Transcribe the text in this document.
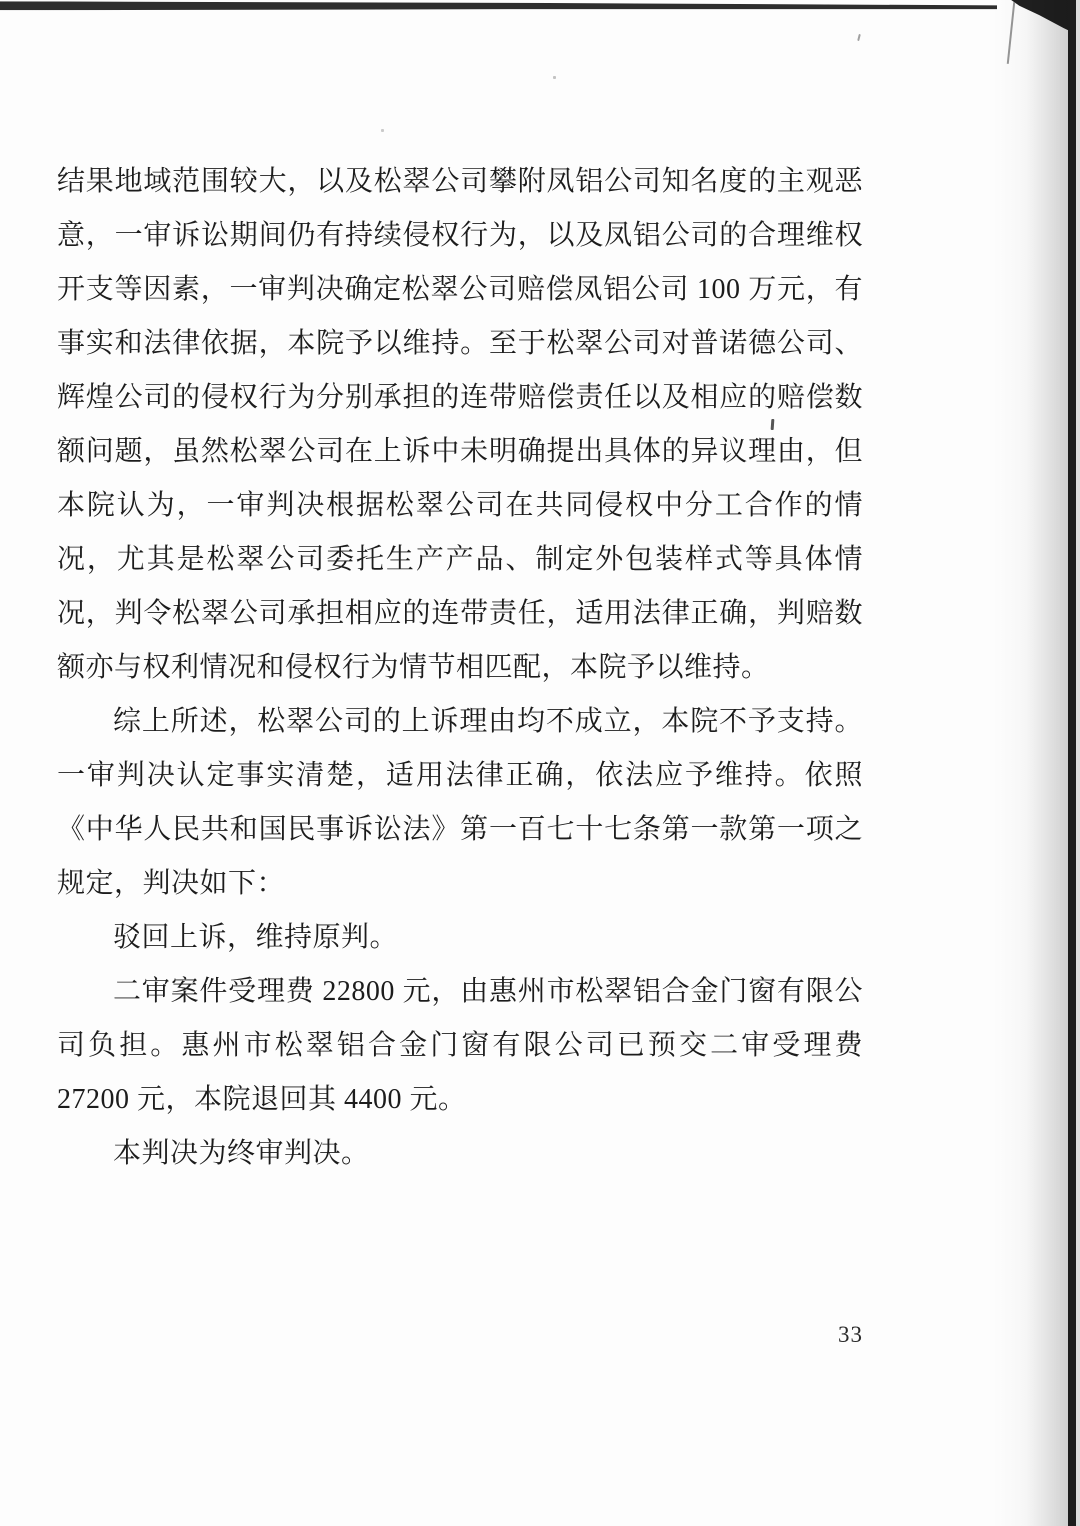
结果地域范围较大，以及松翠公司攀附凤铝公司知名度的主观恶意，一审诉讼期间仍有持续侵权行为，以及凤铝公司的合理维权开支等因素，一审判决确定松翠公司赔偿凤铝公司 100 万元，有事实和法律依据，本院予以维持。至于松翠公司对普诺德公司、辉煌公司的侵权行为分别承担的连带赔偿责任以及相应的赔偿数额问题，虽然松翠公司在上诉中未明确提出具体的异议理由，但本院认为，一审判决根据松翠公司在共同侵权中分工合作的情况，尤其是松翠公司委托生产产品、制定外包装样式等具体情况，判令松翠公司承担相应的连带责任，适用法律正确，判赔数额亦与权利情况和侵权行为情节相匹配，本院予以维持。

综上所述，松翠公司的上诉理由均不成立，本院不予支持。一审判决认定事实清楚，适用法律正确，依法应予维持。依照《中华人民共和国民事诉讼法》第一百七十七条第一款第一项之规定，判决如下：

驳回上诉，维持原判。

二审案件受理费 22800 元，由惠州市松翠铝合金门窗有限公司负担。惠州市松翠铝合金门窗有限公司已预交二审受理费 27200 元，本院退回其 4400 元。

本判决为终审判决。

33
